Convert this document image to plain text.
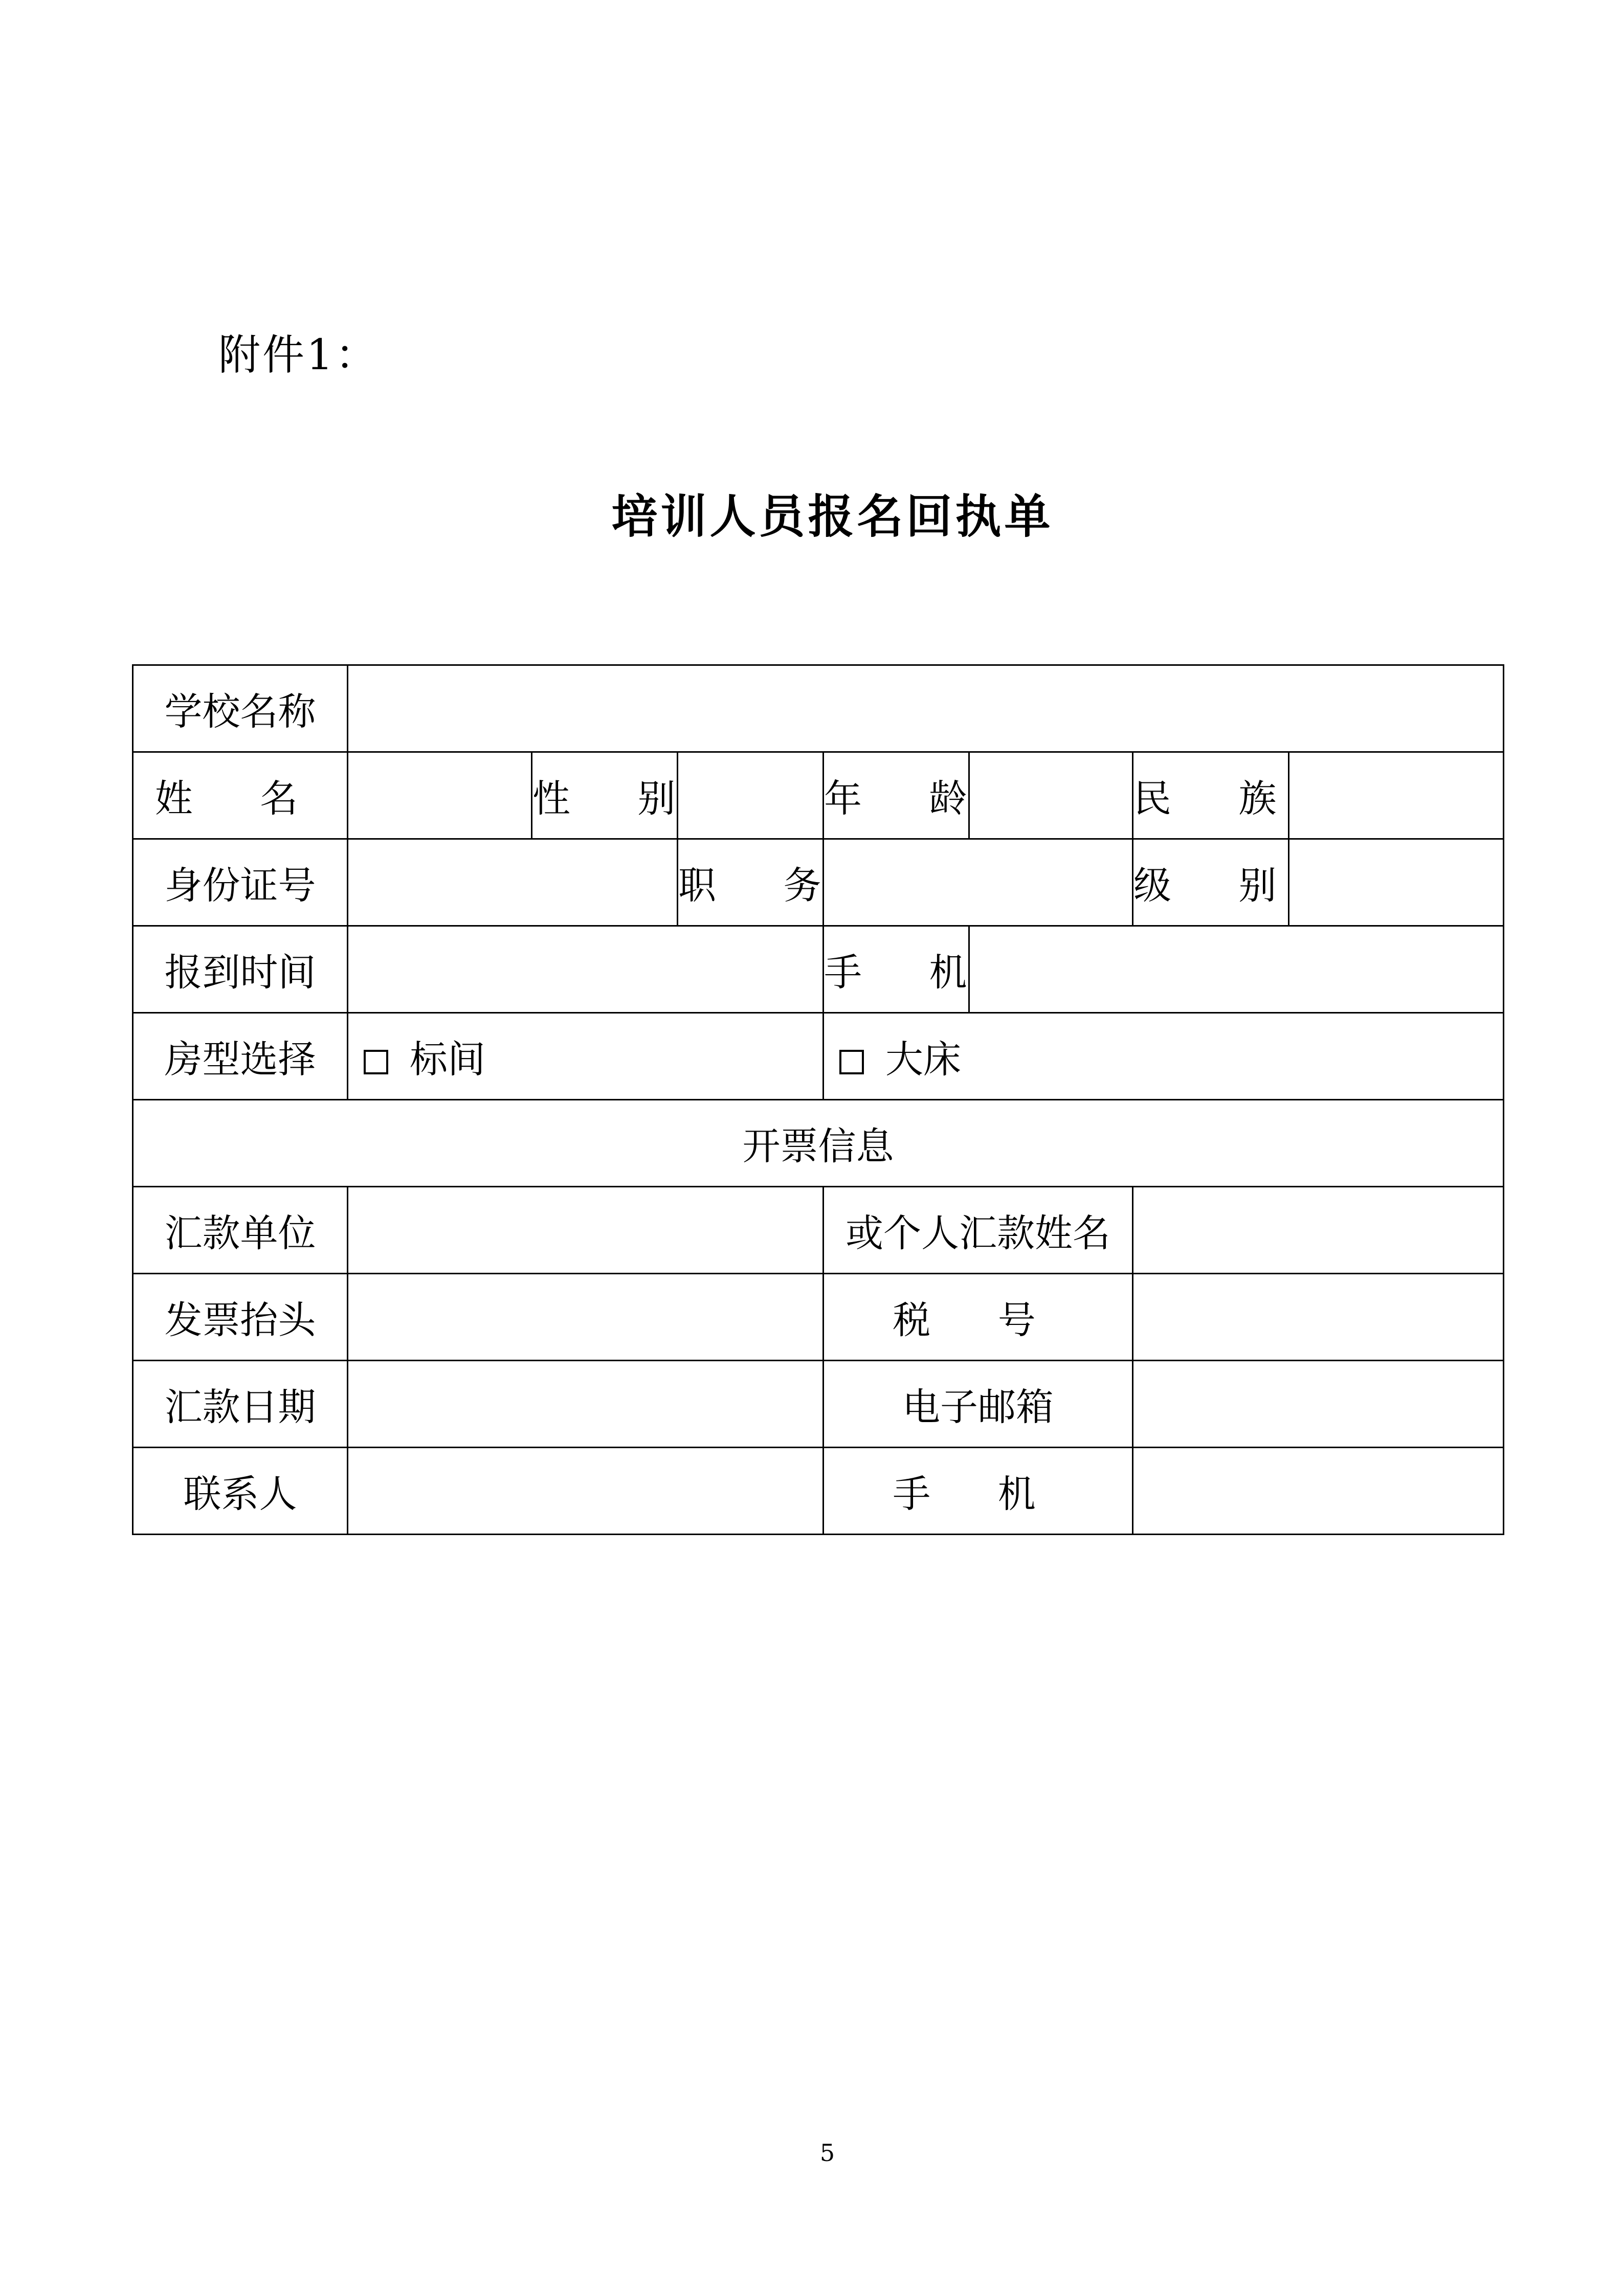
附件1：
培训人员报名回执单
学校名称							
姓 名		性 别		年 龄		民 族	
身份证号			职 务			级 别	
报到时间				手 机			
房型选择	标间			大床			
开票信息							
汇款单位				或个人汇款姓名			
发票抬头				税 号			
汇款日期				电子邮箱			
联系人				手 机			
5
